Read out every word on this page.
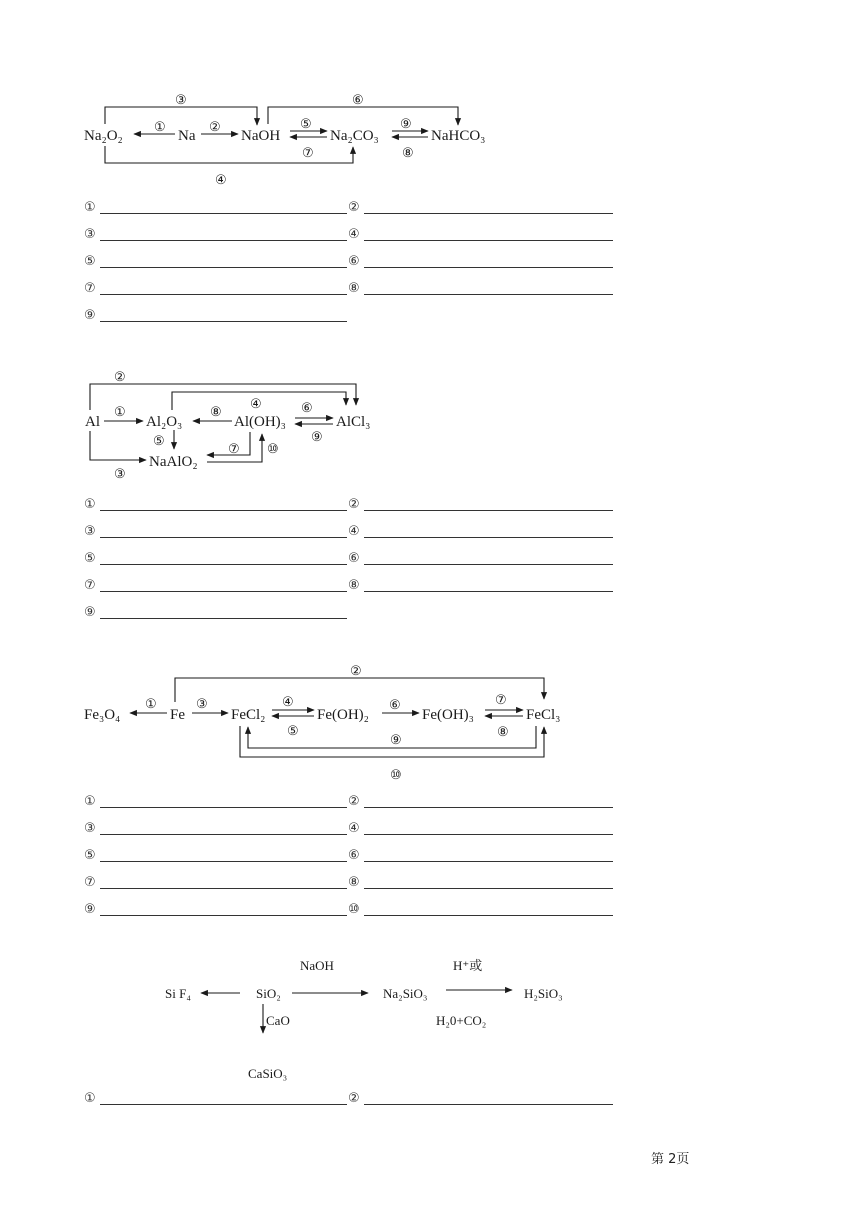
Na₂O₂	Na	NaOH	Na₂CO₃	NaHCO₃
Al	Al₂O₃	Al(OH)₃	AlCl₃
NaAlO₂
Fe₃O₄	Fe	FeCl₂	Fe(OH)₂	Fe(OH)₃	FeCl₃
Si F₄	SiO₂	Na₂SiO₃	H₂SiO₃
CaSiO₃
NaOH	H⁺或
H₂0+CO₂
CaO
①	②
③
④
⑤
⑥
⑦	⑧
⑨
①
②
③
④
⑤
⑥
⑦
⑧
⑨
⑩
①
②
③	④
⑤
⑥	⑦
⑧
⑨
⑩
①	②
③	④
⑤	⑥
⑦	⑧
⑨
①	②
③	④
⑤	⑥
⑦	⑧
⑨
①	②
③	④
⑤	⑥
⑦	⑧
⑨	⑩
①	②
第 2页
